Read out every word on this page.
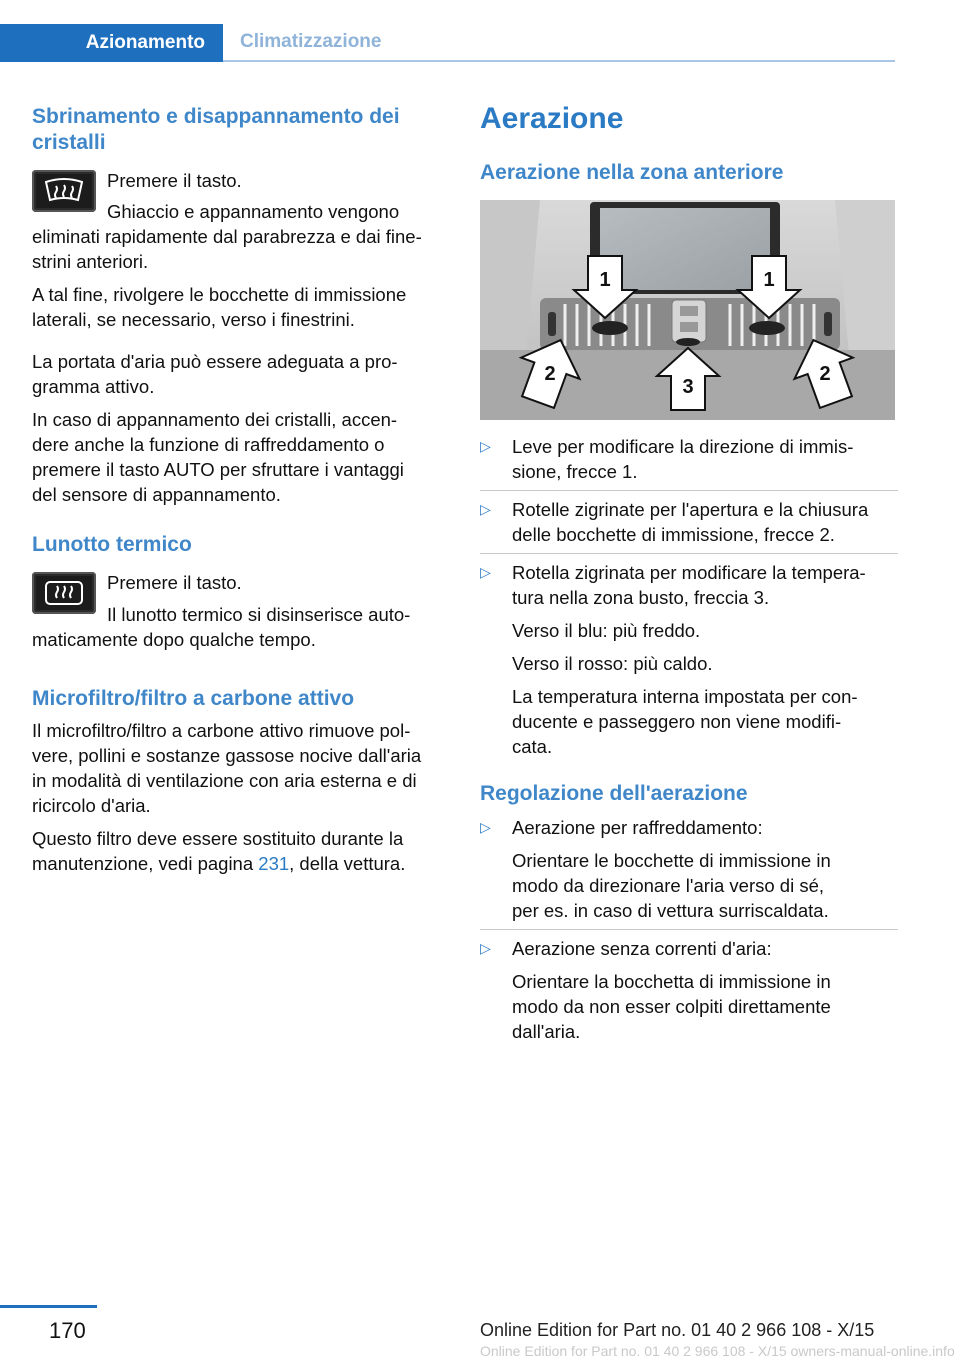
Azionamento	Climatizzazione
Sbrinamento e disappannamento dei cristalli

Premere il tasto.

Ghiaccio e appannamento vengono

eliminati rapidamente dal parabrezza e dai fine-

strini anteriori.

A tal fine, rivolgere le bocchette di immissione

laterali, se necessario, verso i finestrini.

La portata d'aria può essere adeguata a pro-

gramma attivo.

In caso di appannamento dei cristalli, accen-

dere anche la funzione di raffreddamento o

premere il tasto AUTO per sfruttare i vantaggi

del sensore di appannamento.

Lunotto termico

Premere il tasto.

Il lunotto termico si disinserisce auto-

maticamente dopo qualche tempo.

Microfiltro/filtro a carbone attivo

Il microfiltro/filtro a carbone attivo rimuove pol-

vere, pollini e sostanze gassose nocive dall'aria

in modalità di ventilazione con aria esterna e di

ricircolo d'aria.

Questo filtro deve essere sostituito durante la

manutenzione, vedi pagina 231, della vettura.

Aerazione
Aerazione nella zona anteriore
1	1
2	2
3
▷ Leve per modificare la direzione di immis-
sione, frecce 1.
▷ Rotelle zigrinate per l'apertura e la chiusura
delle bocchette di immissione, frecce 2.
▷ Rotella zigrinata per modificare la tempera-
tura nella zona busto, freccia 3.
Verso il blu: più freddo.
Verso il rosso: più caldo.
La temperatura interna impostata per con-
ducente e passeggero non viene modifi-
cata.
Regolazione dell'aerazione
▷ Aerazione per raffreddamento:
Orientare le bocchette di immissione in
modo da direzionare l'aria verso di sé,
per es. in caso di vettura surriscaldata.
▷ Aerazione senza correnti d'aria:
Orientare la bocchetta di immissione in
modo da non esser colpiti direttamente
dall'aria.
170	Online Edition for Part no. 01 40 2 966 108 - X/15
Online Edition for Part no. 01 40 2 966 108 - X/15 owners-manual-online.info
